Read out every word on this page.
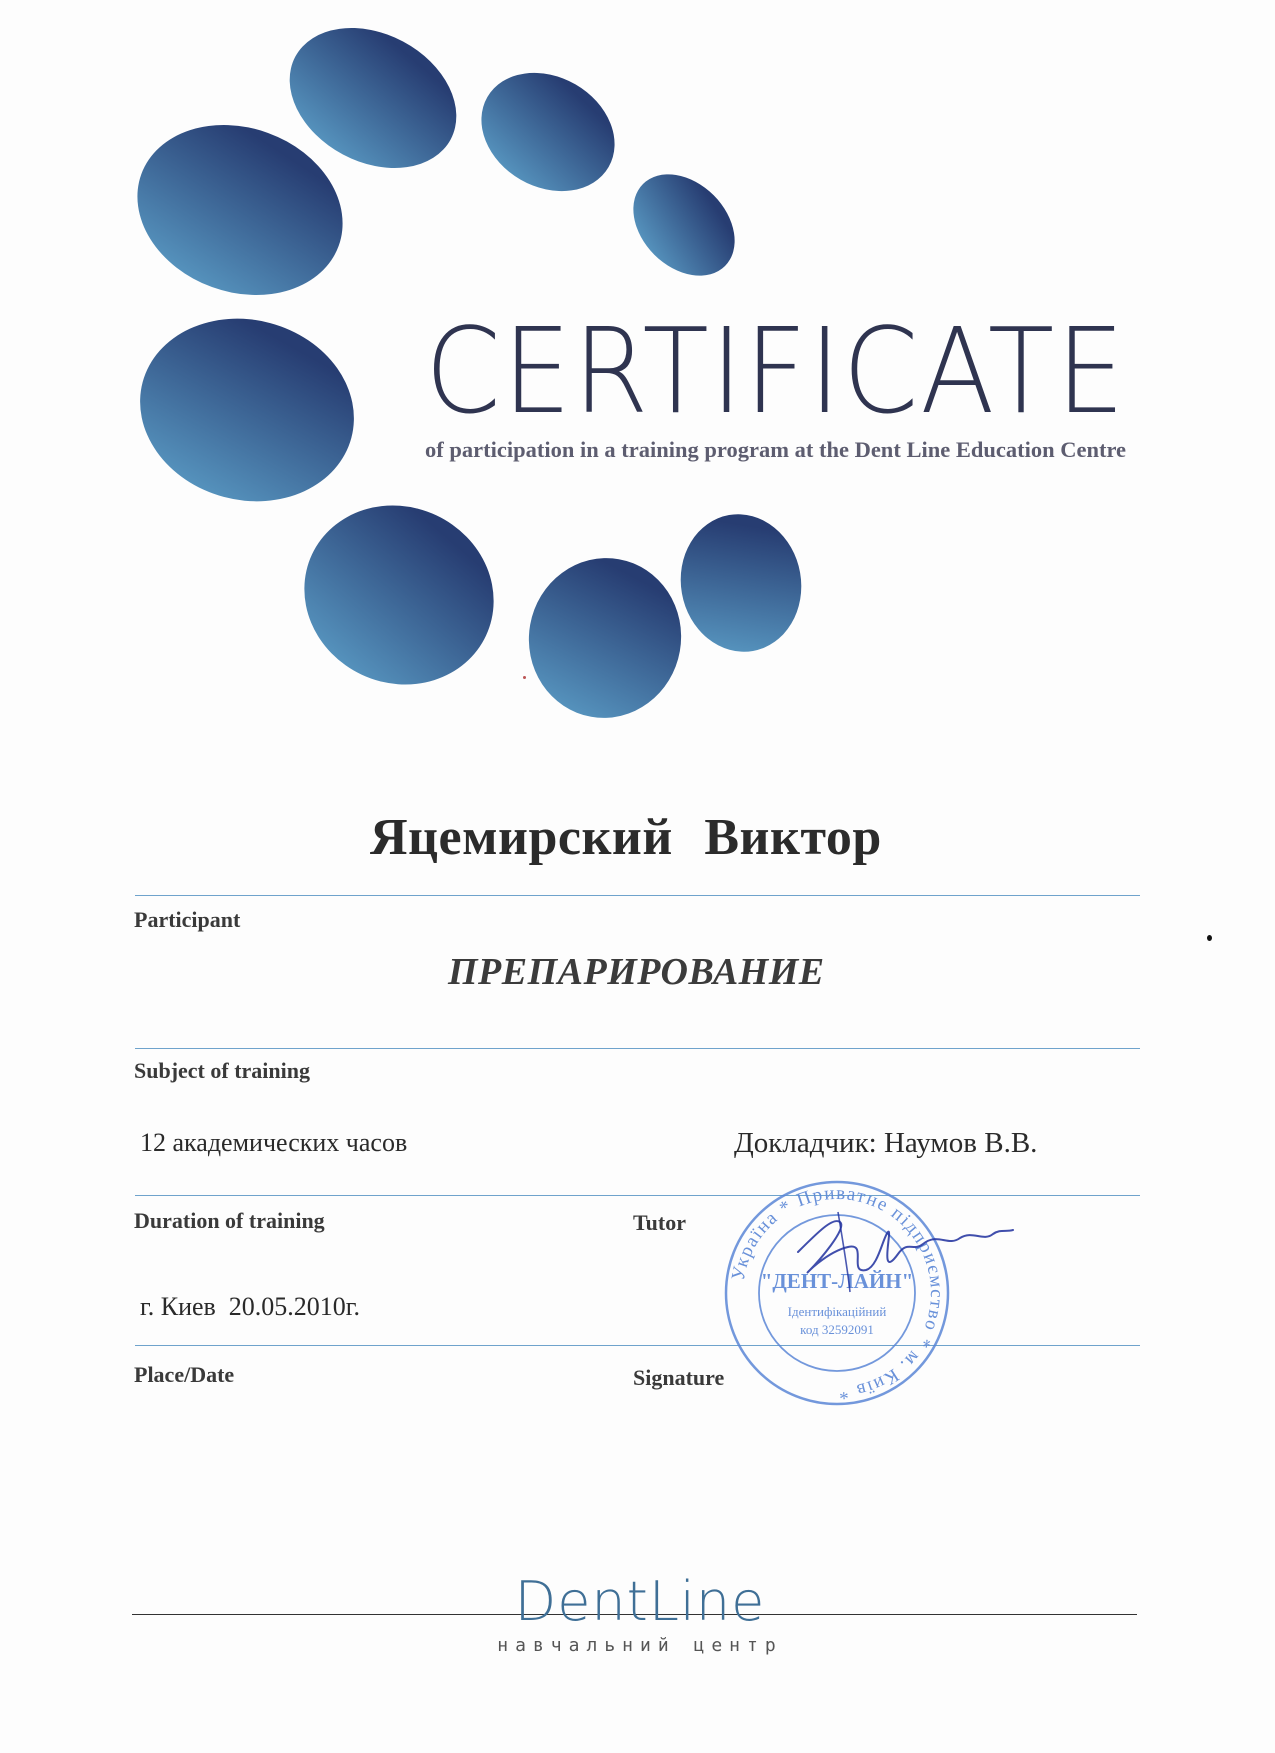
CERTIFICATE
of participation in a training program at the Dent Line Education Centre
Яцемирский Виктор
Participant
ПРЕПАРИРОВАНИЕ
Subject of training
12 академических часов	Докладчик: Наумов В.В.
Duration of training	Tutor
г. Киев  20.05.2010г.
Place/Date	Signature
Україна * Приватне підприємство * м. Київ *
"ДЕНТ-ЛАЙН"
Ідентифікаційний
код 32592091
DentLine
навчальний центр
